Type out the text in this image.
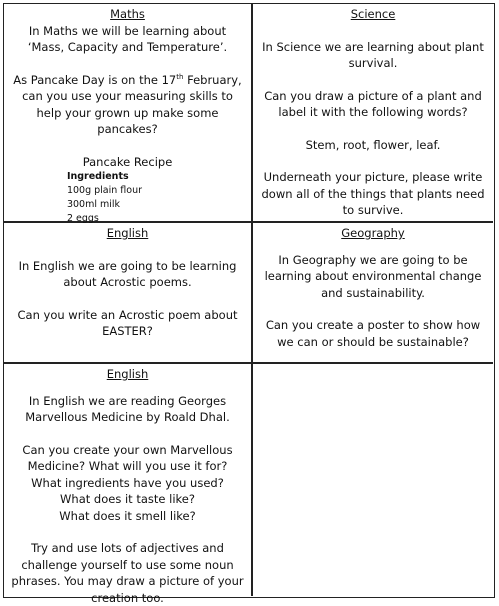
Maths

In Maths we will be learning about ‘Mass, Capacity and Temperature’.

As Pancake Day is on the 17th February, can you use your measuring skills to help your grown up make some pancakes?

Pancake Recipe

Ingredients
100g plain flour
300ml milk
2 eggs
Science

In Science we are learning about plant survival.

Can you draw a picture of a plant and label it with the following words?

Stem, root, flower, leaf.

Underneath your picture, please write down all of the things that plants need to survive.

English

In English we are going to be learning about Acrostic poems.

Can you write an Acrostic poem about EASTER?

Geography

In Geography we are going to be learning about environmental change and sustainability.

Can you create a poster to show how we can or should be sustainable?

English

In English we are reading Georges Marvellous Medicine by Roald Dhal.

Can you create your own Marvellous Medicine? What will you use it for?

What ingredients have you used?

What does it taste like?

What does it smell like?

Try and use lots of adjectives and challenge yourself to use some noun phrases. You may draw a picture of your creation too.
